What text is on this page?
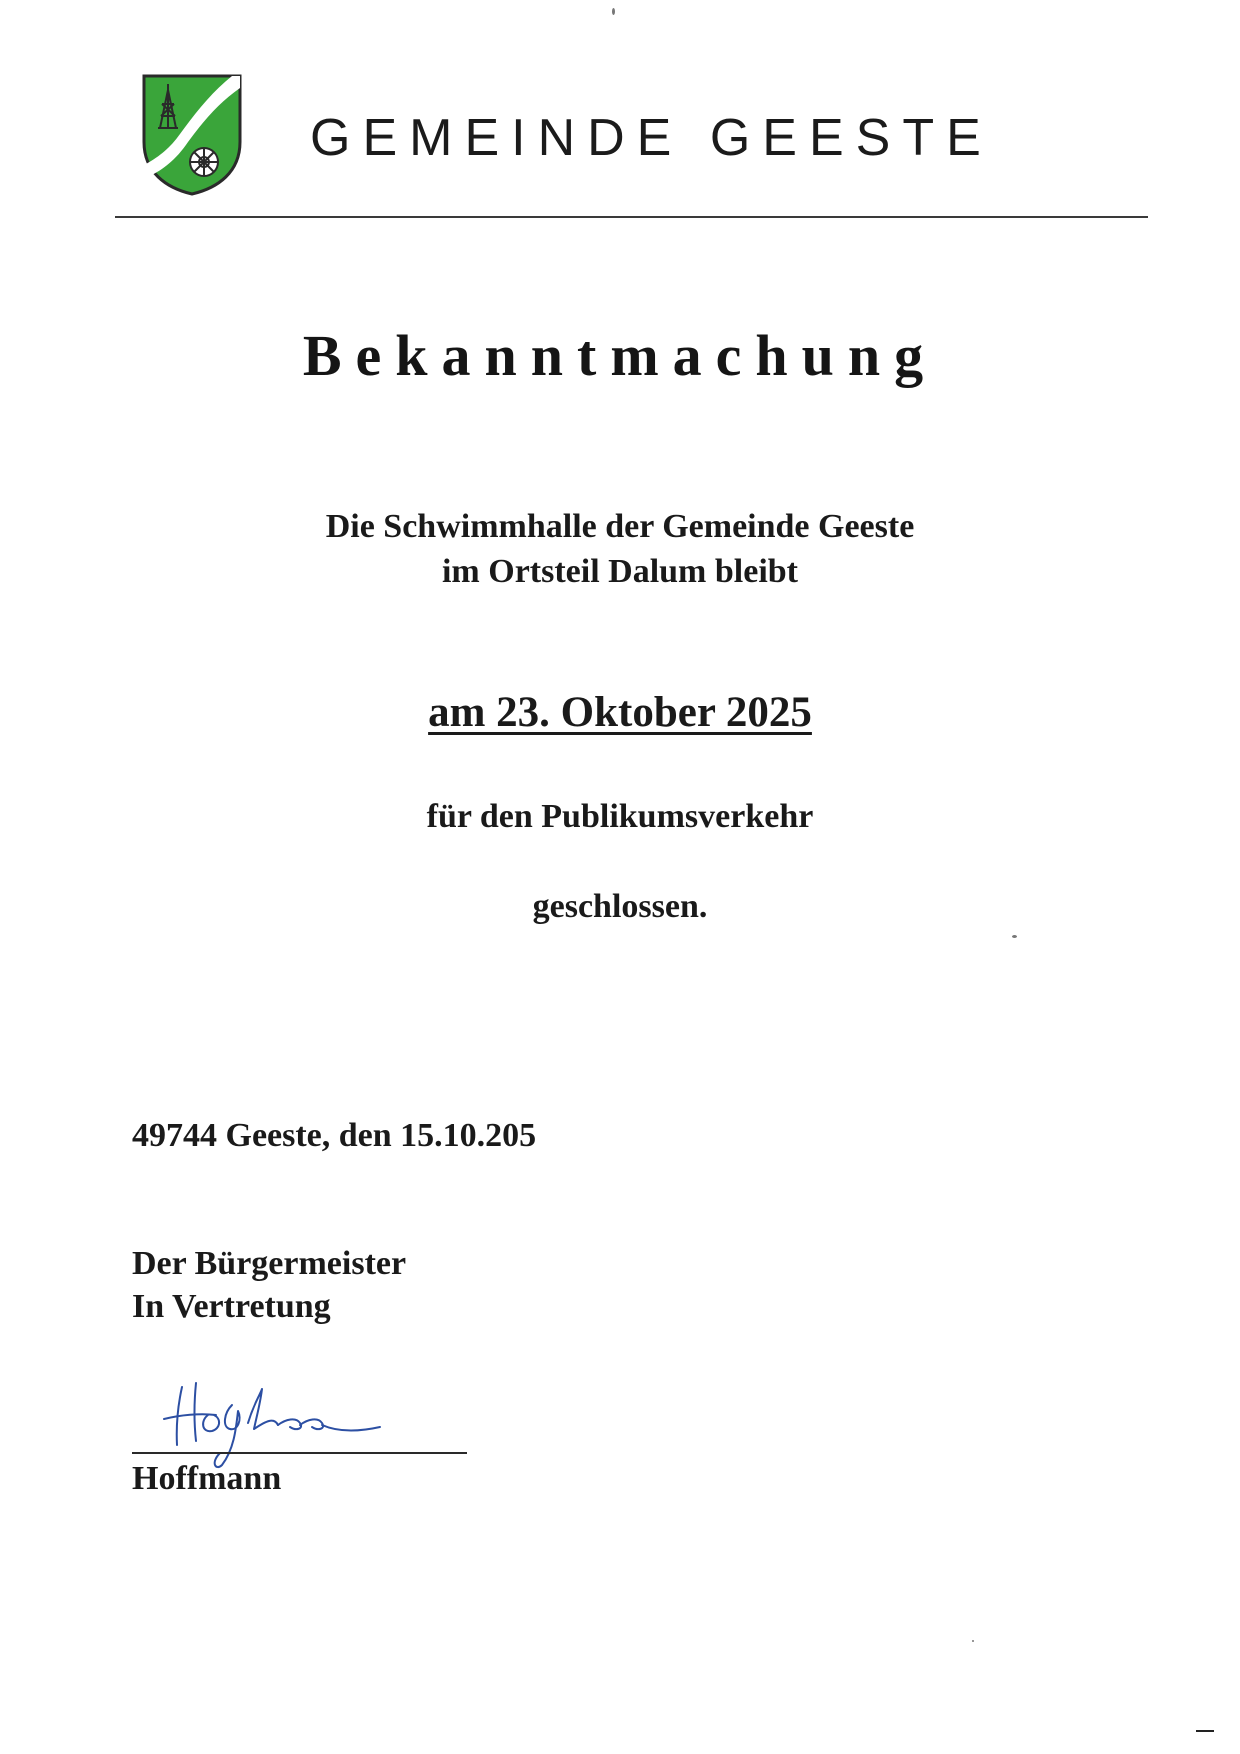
GEMEINDE GEESTE
Bekanntmachung
Die Schwimmhalle der Gemeinde Geeste
im Ortsteil Dalum bleibt
am 23. Oktober 2025
für den Publikumsverkehr
geschlossen.
49744 Geeste, den 15.10.205
Der Bürgermeister
In Vertretung
Hoffmann
